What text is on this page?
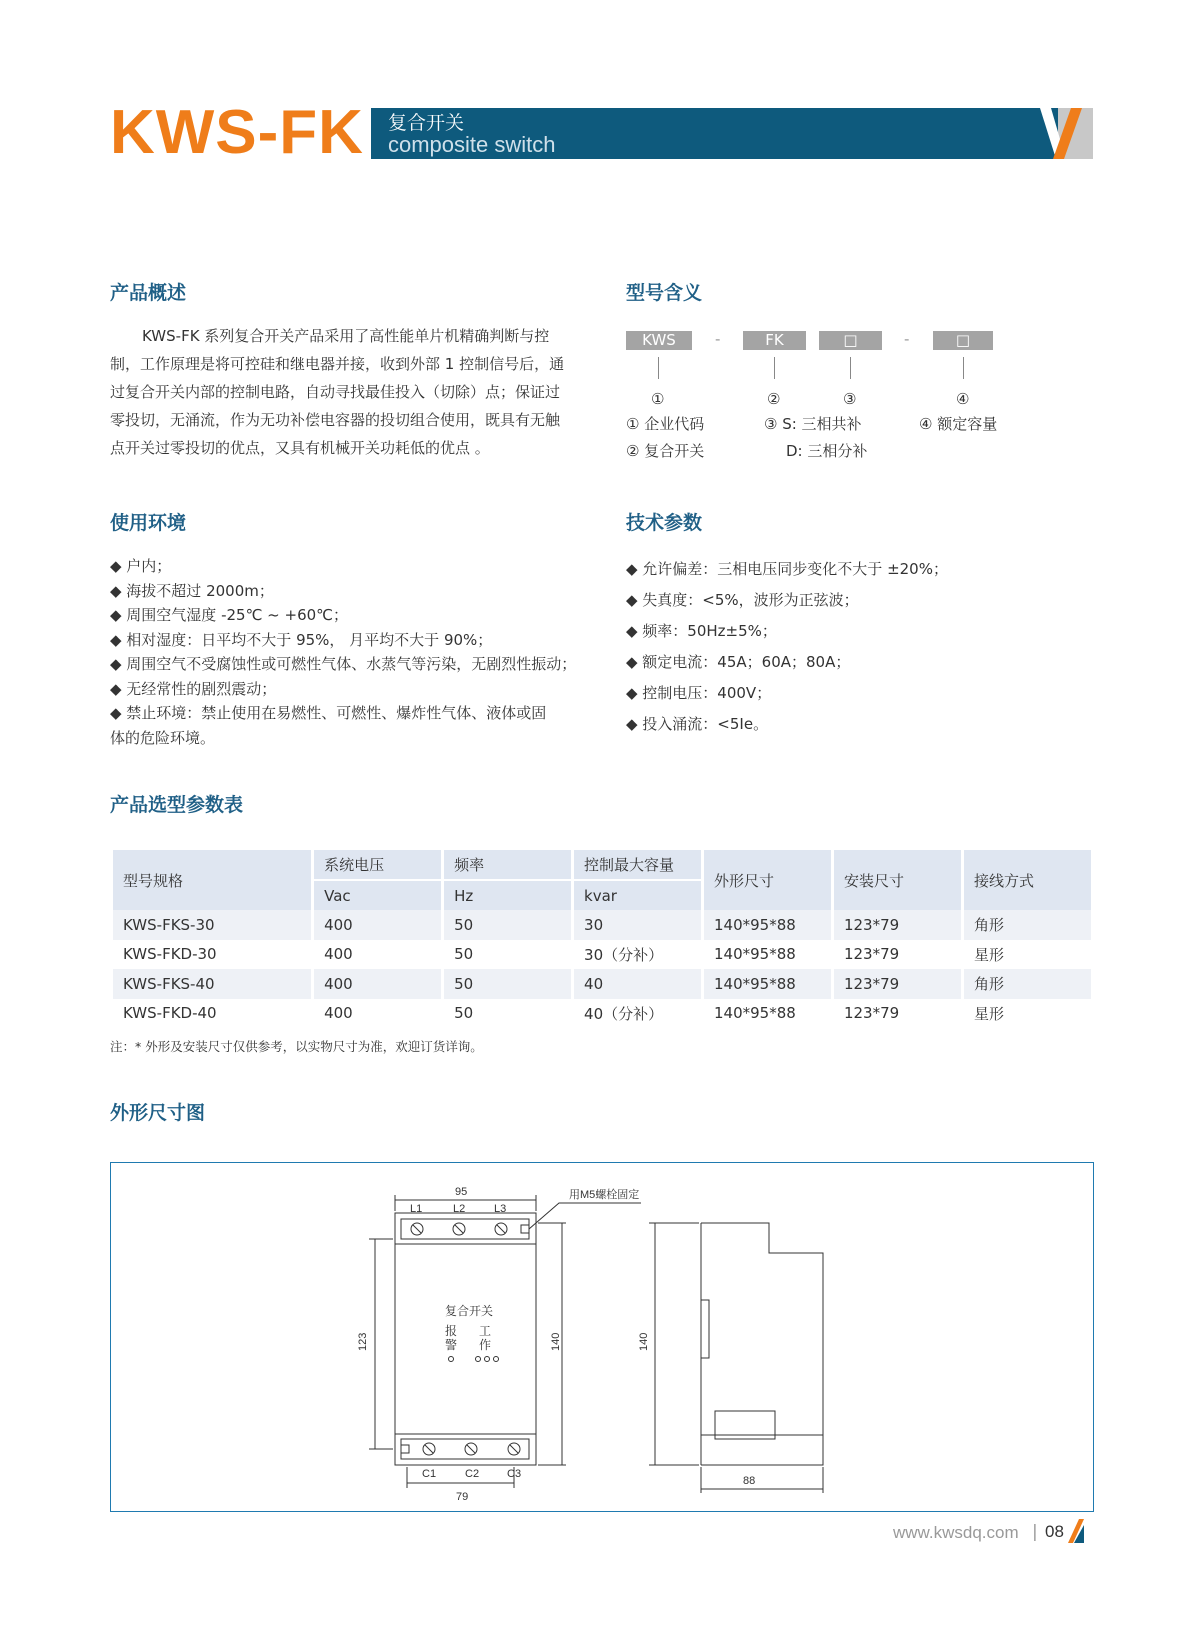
KWS-FK 复合开关
composite switch
产品概述
KWS-FK 系列复合开关产品采用了高性能单片机精确判断与控
制，工作原理是将可控硅和继电器并接，收到外部 1 控制信号后，通
过复合开关内部的控制电路，自动寻找最佳投入（切除）点；保证过
零投切，无涌流，作为无功补偿电容器的投切组合使用，既具有无触
点开关过零投切的优点，又具有机械开关功耗低的优点 。
型号含义
KWS	-	FK	□	-	□
①	②	③	④
① 企业代码
② 复合开关
③ S: 三相共补
D: 三相分补
④ 额定容量
使用环境
◆ 户内；
◆ 海拔不超过 2000m；
◆ 周围空气湿度 -25℃ ~ +60℃；
◆ 相对湿度：日平均不大于 95%， 月平均不大于 90%；
◆ 周围空气不受腐蚀性或可燃性气体、水蒸气等污染，无剧烈性振动；
◆ 无经常性的剧烈震动；
◆ 禁止环境：禁止使用在易燃性、可燃性、爆炸性气体、液体或固
体的危险环境。
技术参数
◆ 允许偏差：三相电压同步变化不大于 ±20%；
◆ 失真度：<5%，波形为正弦波；
◆ 频率：50Hz±5%；
◆ 额定电流：45A；60A；80A；
◆ 控制电压：400V；
◆ 投入涌流：<5Ie。
产品选型参数表
型号规格	系统电压	频率	控制最大容量	外形尺寸	安装尺寸	接线方式
	Vac	Hz	kvar			
KWS-FKS-30	400	50	30	140*95*88	123*79	角形
KWS-FKD-30	400	50	30（分补）	140*95*88	123*79	星形
KWS-FKS-40	400	50	40	140*95*88	123*79	角形
KWS-FKD-40	400	50	40（分补）	140*95*88	123*79	星形
注：* 外形及安装尺寸仅供参考，以实物尺寸为准，欢迎订货详询。
外形尺寸图
95	用M5螺栓固定
L1	L2	L3
C1	C2	C3
79
88
123	140	140
复合开关
报
警
工
作
www.kwsdq.com | 08
